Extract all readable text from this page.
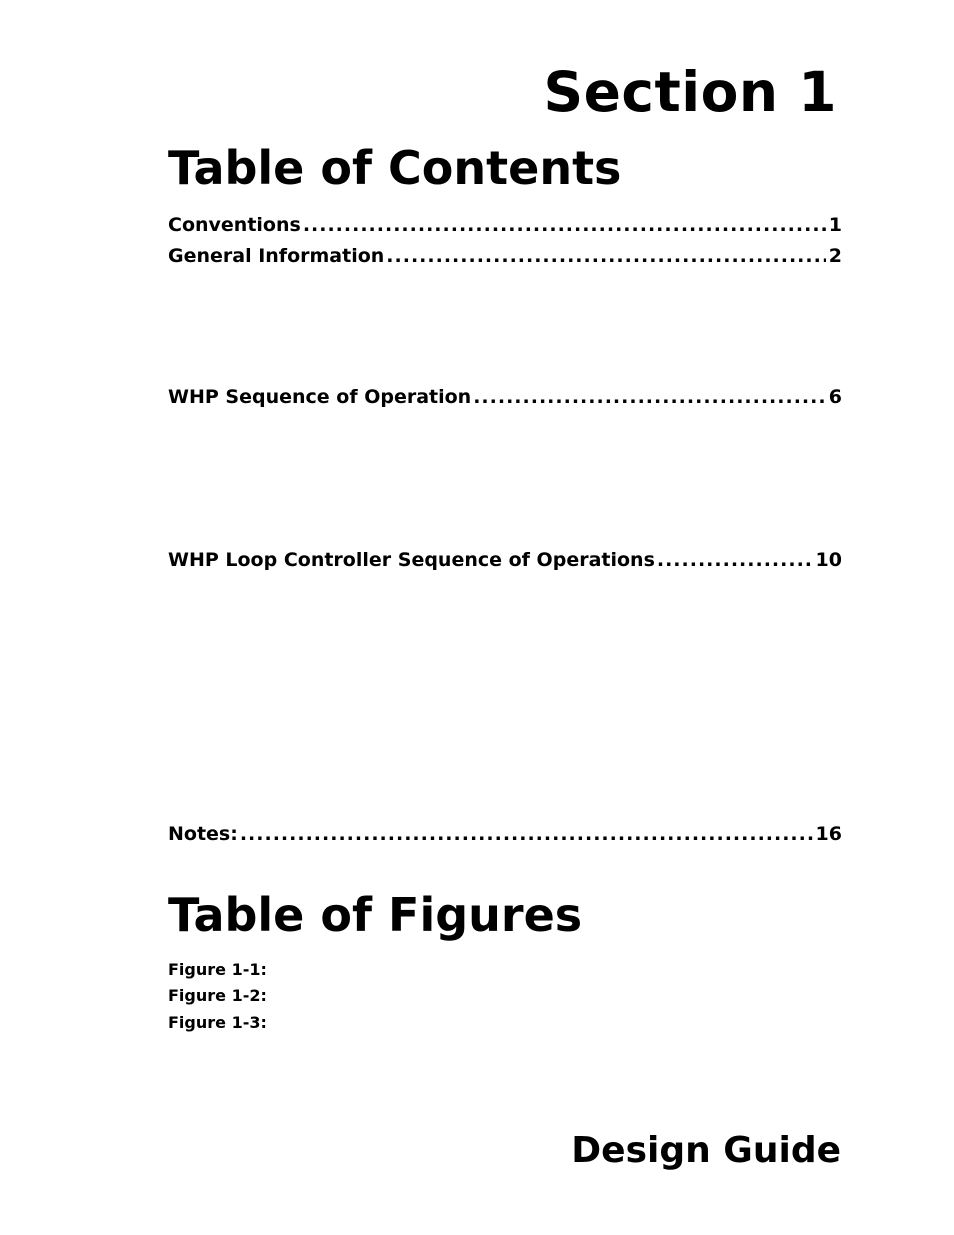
Section 1
Table of Contents
Conventions .....	1
General Information .....	2
WHP Sequence of Operation .....	6
WHP Loop Controller Sequence of Operations .....	10
Notes: .....	16
Table of Figures
Figure 1-1:
Figure 1-2:
Figure 1-3:
Design Guide
